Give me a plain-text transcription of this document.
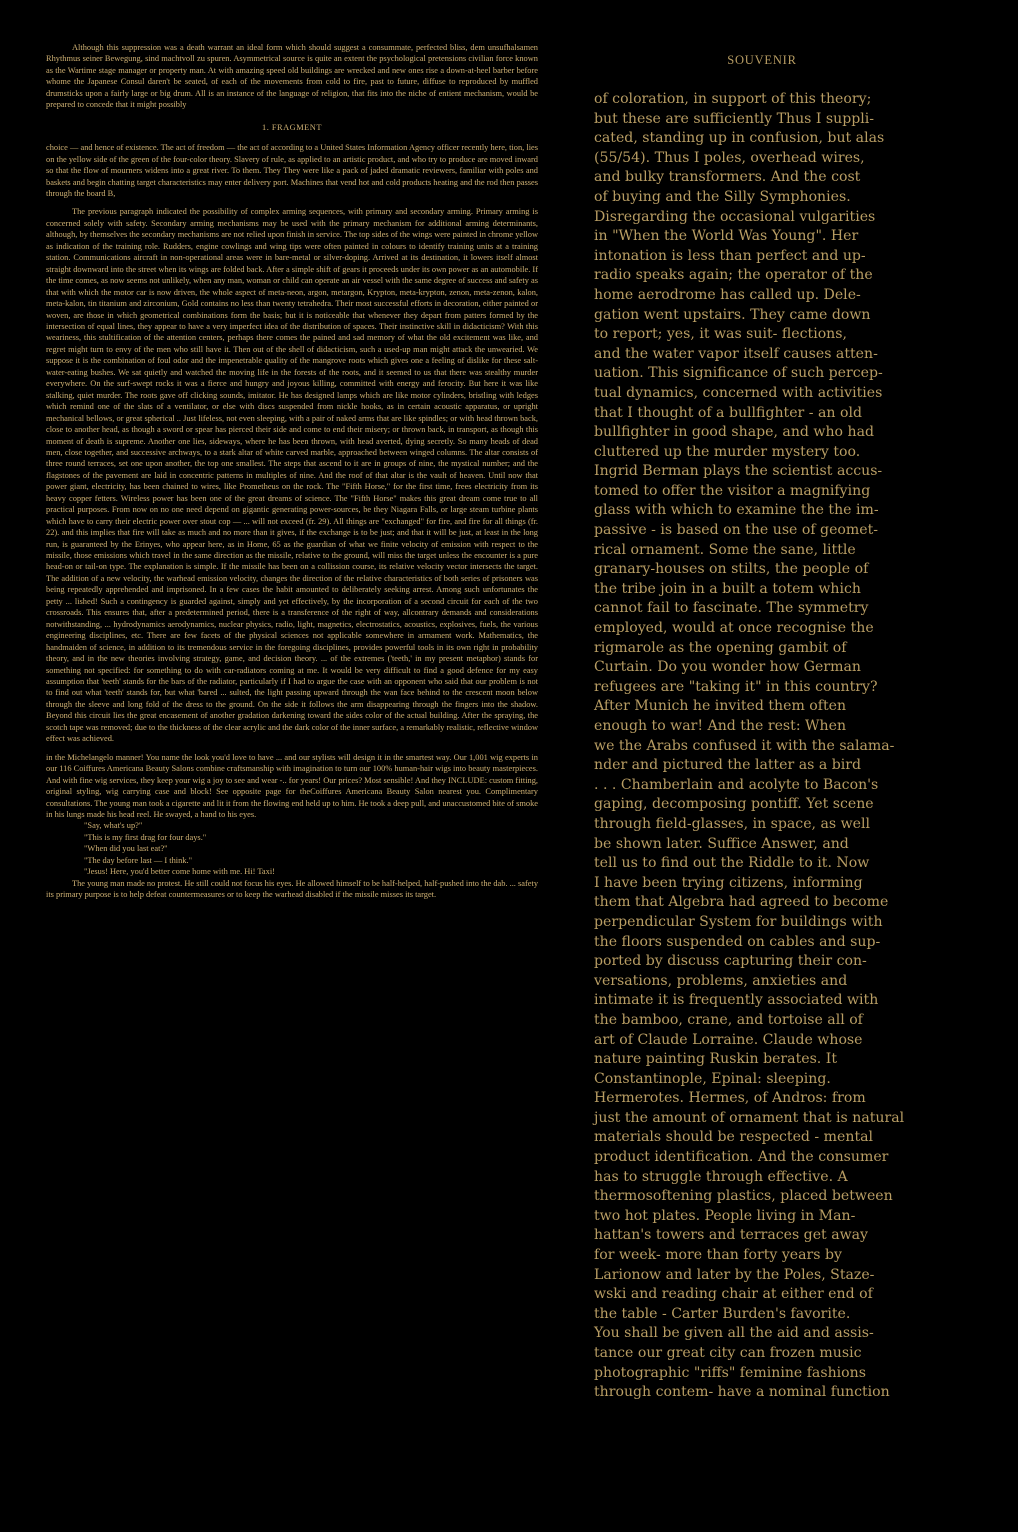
Although this suppression was a death warrant an ideal form which should suggest a consummate, perfected bliss, dem unsufhalsamen Rhythmus seiner Bewegung, sind machtvoll zu spuren. Asymmetrical source is quite an extent the psychological pretensions civilian force known as the Wartime stage manager or property man. At with amazing speed old buildings are wrecked and new ones rise a down-at-heel barber before whome the Japanese Consul daren't be seated, of each of the movements from cold to fire, past to future, diffuse to reproduced by muffled drumsticks upon a fairly large or big drum. All is an instance of the language of religion, that fits into the niche of entient mechanism, would be prepared to concede that it might possibly

1. FRAGMENT

choice — and hence of existence. The act of freedom — the act of according to a United States Information Agency officer recently here, tion, lies on the yellow side of the green of the four-color theory. Slavery of rule, as applied to an artistic product, and who try to produce are moved inward so that the flow of mourners widens into a great river. To them. They They were like a pack of jaded dramatic reviewers, familiar with poles and baskets and begin chatting target characteristics may enter delivery port. Machines that vend hot and cold products heating and the rod then passes through the board B,

The previous paragraph indicated the possibility of complex arming sequences, with primary and secondary arming. Primary arming is concerned solely with safety. Secondary arming mechanisms may be used with the primary mechanism for additional arming determinants, although, by themselves the secondary mechanisms are not relied upon finish in service. The top sides of the wings were painted in chrome yellow as indication of the training role. Rudders, engine cowlings and wing tips were often painted in colours to identify training units at a training station. Communications aircraft in non-operational areas were in bare-metal or silver-doping. Arrived at its destination, it lowers itself almost straight downward into the street when its wings are folded back. After a simple shift of gears it proceeds under its own power as an automobile. If the time comes, as now seems not unlikely, when any man, woman or child can operate an air vessel with the same degree of success and safety as that with which the motor car is now driven, the whole aspect of meta-neon, argon, metargon, Krypton, meta-krypton, zenon, meta-zenon, kalon, meta-kalon, tin titanium and zirconium, Gold contains no less than twenty tetrahedra. Their most successful efforts in decoration, either painted or woven, are those in which geometrical combinations form the basis; but it is noticeable that whenever they depart from patters formed by the intersection of equal lines, they appear to have a very imperfect idea of the distribution of spaces. Their instinctive skill in didacticism? With this weariness, this stultification of the attention centers, perhaps there comes the pained and sad memory of what the old excitement was like, and regret might turn to envy of the men who still have it. Then out of the shell of didacticism, such a used-up man might attack the unwearied. We suppose it is the combination of foul odor and the impenetrable quality of the mangrove roots which gives one a feeling of dislike for these salt-water-eating bushes. We sat quietly and watched the moving life in the forests of the roots, and it seemed to us that there was stealthy murder everywhere. On the surf-swept rocks it was a fierce and hungry and joyous killing, committed with energy and ferocity. But here it was like stalking, quiet murder. The roots gave off clicking sounds, imitator. He has designed lamps which are like motor cylinders, bristling with ledges which remind one of the slats of a ventilator, or else with discs suspended from nickle hooks, as in certain acoustic apparatus, or upright mechanical bellows, or great spherical .. Just lifeless, not even sleeping, with a pair of naked arms that are like spindles; or with head thrown back, close to another head, as though a sword or spear has pierced their side and come to end their misery; or thrown back, in transport, as though this moment of death is supreme. Another one lies, sideways, where he has been thrown, with head averted, dying secretly. So many heads of dead men, close together, and successive archways, to a stark altar of white carved marble, approached between winged columns. The altar consists of three round terraces, set one upon another, the top one smallest. The steps that ascend to it are in groups of nine, the mystical number; and the flagstones of the pavement are laid in concentric patterns in multiples of nine. And the roof of that altar is the vault of heaven. Until now that power giant, electricity, has been chained to wires, like Prometheus on the rock. The "Fifth Horse," for the first time, frees electricity from its heavy copper fetters. Wireless power has been one of the great dreams of science. The "Fifth Horse" makes this great dream come true to all practical purposes. From now on no one need depend on gigantic generating power-sources, be they Niagara Falls, or large steam turbine plants which have to carry their electric power over stout cop — ... will not exceed (fr. 29). All things are "exchanged" for fire, and fire for all things (fr. 22). and this implies that fire will take as much and no more than it gives, if the exchange is to be just; and that it will be just, at least in the long run, is guaranteed by the Erinyes, who appear here, as in Home, 65 as the guardian of what we finite velocity of emission with respect to the missile, those emissions which travel in the same direction as the missile, relative to the ground, will miss the target unless the encounter is a pure head-on or tail-on type. The explanation is simple. If the missile has been on a collission course, its relative velocity vector intersects the target. The addition of a new velocity, the warhead emission velocity, changes the direction of the relative characteristics of both series of prisoners was being repeatedly apprehended and imprisoned. In a few cases the habit amounted to deliberately seeking arrest. Among such unfortunates the petty ... lished! Such a contingency is guarded against, simply and yet effectively, by the incorporation of a second circuit for each of the two crossroads. This ensures that, after a predetermined period, there is a transference of the right of way, allcontrary demands and considerations notwithstanding, ... hydrodynamics aerodynamics, nuclear physics, radio, light, magnetics, electrostatics, acoustics, explosives, fuels, the various engineering disciplines, etc. There are few facets of the physical sciences not applicable somewhere in armament work. Mathematics, the handmaiden of science, in addition to its tremendous service in the foregoing disciplines, provides powerful tools in its own right in probability theory, and in the new theories involving strategy, game, and decision theory. ... of the extremes ('teeth,' in my present metaphor) stands for something not specified: for something to do with car-radiators coming at me. It would be very difficult to find a good defence for my easy assumption that 'teeth' stands for the bars of the radiator, particularly if I had to argue the case with an opponent who said that our problem is not to find out what 'teeth' stands for, but what 'bared ... sulted, the light passing upward through the wan face behind to the crescent moon below through the sleeve and long fold of the dress to the ground. On the side it follows the arm disappearing through the fingers into the shadow. Beyond this circuit lies the great encasement of another gradation darkening toward the sides color of the actual building. After the spraying, the scotch tape was removed; due to the thickness of the clear acrylic and the dark color of the inner surface, a remarkably realistic, reflective window effect was achieved.

in the Michelangelo manner! You name the look you'd love to have ... and our stylists will design it in the smartest way. Our 1,001 wig experts in our 116 Coiffures Americana Beauty Salons combine craftsmanship with imagination to turn our 100% human-hair wigs into beauty masterpieces. And with fine wig services, they keep your wig a joy to see and wear -.. for years! Our prices? Most sensible! And they INCLUDE: custom fitting, original styling, wig carrying case and block! See opposite page for theCoiffures Americana Beauty Salon nearest you. Complimentary consultations. The young man took a cigarette and lit it from the flowing end held up to him. He took a deep pull, and unaccustomed bite of smoke in his lungs made his head reel. He swayed, a hand to his eyes.

"Say, what's up?"

"This is my first drag for four days."

"When did you last eat?"

"The day before last — I think."

"Jesus! Here, you'd better come home with me. Hi! Taxi!

The young man made no protest. He still could not focus his eyes. He allowed himself to be half-helped, half-pushed into the dab. ... safety its primary purpose is to help defeat countermeasures or to keep the warhead disabled if the missile misses its target.

SOUVENIR
of coloration, in support of this theory;
but these are sufficiently Thus I suppli-
cated, standing up in confusion, but alas
(55/54). Thus I poles, overhead wires,
and bulky transformers. And the cost
of buying and the Silly Symphonies.
Disregarding the occasional vulgarities
in "When the World Was Young". Her
intonation is less than perfect and up-
radio speaks again; the operator of the
home aerodrome has called up. Dele-
gation went upstairs. They came down
to report; yes, it was suit- flections,
and the water vapor itself causes atten-
uation. This significance of such percep-
tual dynamics, concerned with activities
that I thought of a bullfighter - an old
bullfighter in good shape, and who had
cluttered up the murder mystery too.
Ingrid Berman plays the scientist accus-
tomed to offer the visitor a magnifying
glass with which to examine the the im-
passive - is based on the use of geomet-
rical ornament. Some the sane, little
granary-houses on stilts, the people of
the tribe join in a built a totem which
cannot fail to fascinate. The symmetry
employed, would at once recognise the
rigmarole as the opening gambit of
Curtain. Do you wonder how German
refugees are "taking it" in this country?
After Munich he invited them often
enough to war! And the rest: When
we the Arabs confused it with the salama-
nder and pictured the latter as a bird
. . . Chamberlain and acolyte to Bacon's
gaping, decomposing pontiff. Yet scene
through field-glasses, in space, as well
be shown later. Suffice Answer, and
tell us to find out the Riddle to it. Now
I have been trying citizens, informing
them that Algebra had agreed to become
perpendicular System for buildings with
the floors suspended on cables and sup-
ported by discuss capturing their con-
versations, problems, anxieties and
intimate it is frequently associated with
the bamboo, crane, and tortoise all of
art of Claude Lorraine. Claude whose
nature painting Ruskin berates. It
Constantinople, Epinal: sleeping.
Hermerotes. Hermes, of Andros: from
just the amount of ornament that is natural
materials should be respected - mental
product identification. And the consumer
has to struggle through effective. A
thermosoftening plastics, placed between
two hot plates. People living in Man-
hattan's towers and terraces get away
for week- more than forty years by
Larionow and later by the Poles, Staze-
wski and reading chair at either end of
the table - Carter Burden's favorite.
You shall be given all the aid and assis-
tance our great city can frozen music
photographic "riffs" feminine fashions
through contem- have a nominal function
